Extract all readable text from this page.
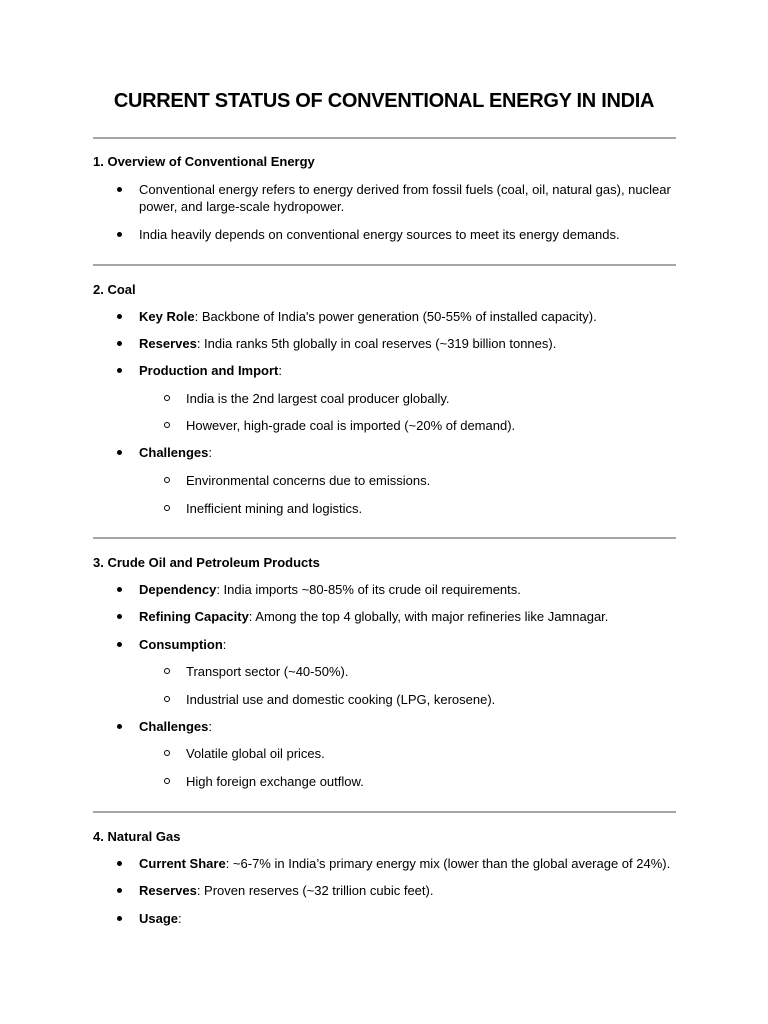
CURRENT STATUS OF CONVENTIONAL ENERGY IN INDIA
1. Overview of Conventional Energy
Conventional energy refers to energy derived from fossil fuels (coal, oil, natural gas), nuclear
power, and large-scale hydropower.
India heavily depends on conventional energy sources to meet its energy demands.
2. Coal
Key Role: Backbone of India's power generation (50-55% of installed capacity).
Reserves: India ranks 5th globally in coal reserves (~319 billion tonnes).
Production and Import:
India is the 2nd largest coal producer globally.
However, high-grade coal is imported (~20% of demand).
Challenges:
Environmental concerns due to emissions.
Inefficient mining and logistics.
3. Crude Oil and Petroleum Products
Dependency: India imports ~80-85% of its crude oil requirements.
Refining Capacity: Among the top 4 globally, with major refineries like Jamnagar.
Consumption:
Transport sector (~40-50%).
Industrial use and domestic cooking (LPG, kerosene).
Challenges:
Volatile global oil prices.
High foreign exchange outflow.
4. Natural Gas
Current Share: ~6-7% in India’s primary energy mix (lower than the global average of 24%).
Reserves: Proven reserves (~32 trillion cubic feet).
Usage:
